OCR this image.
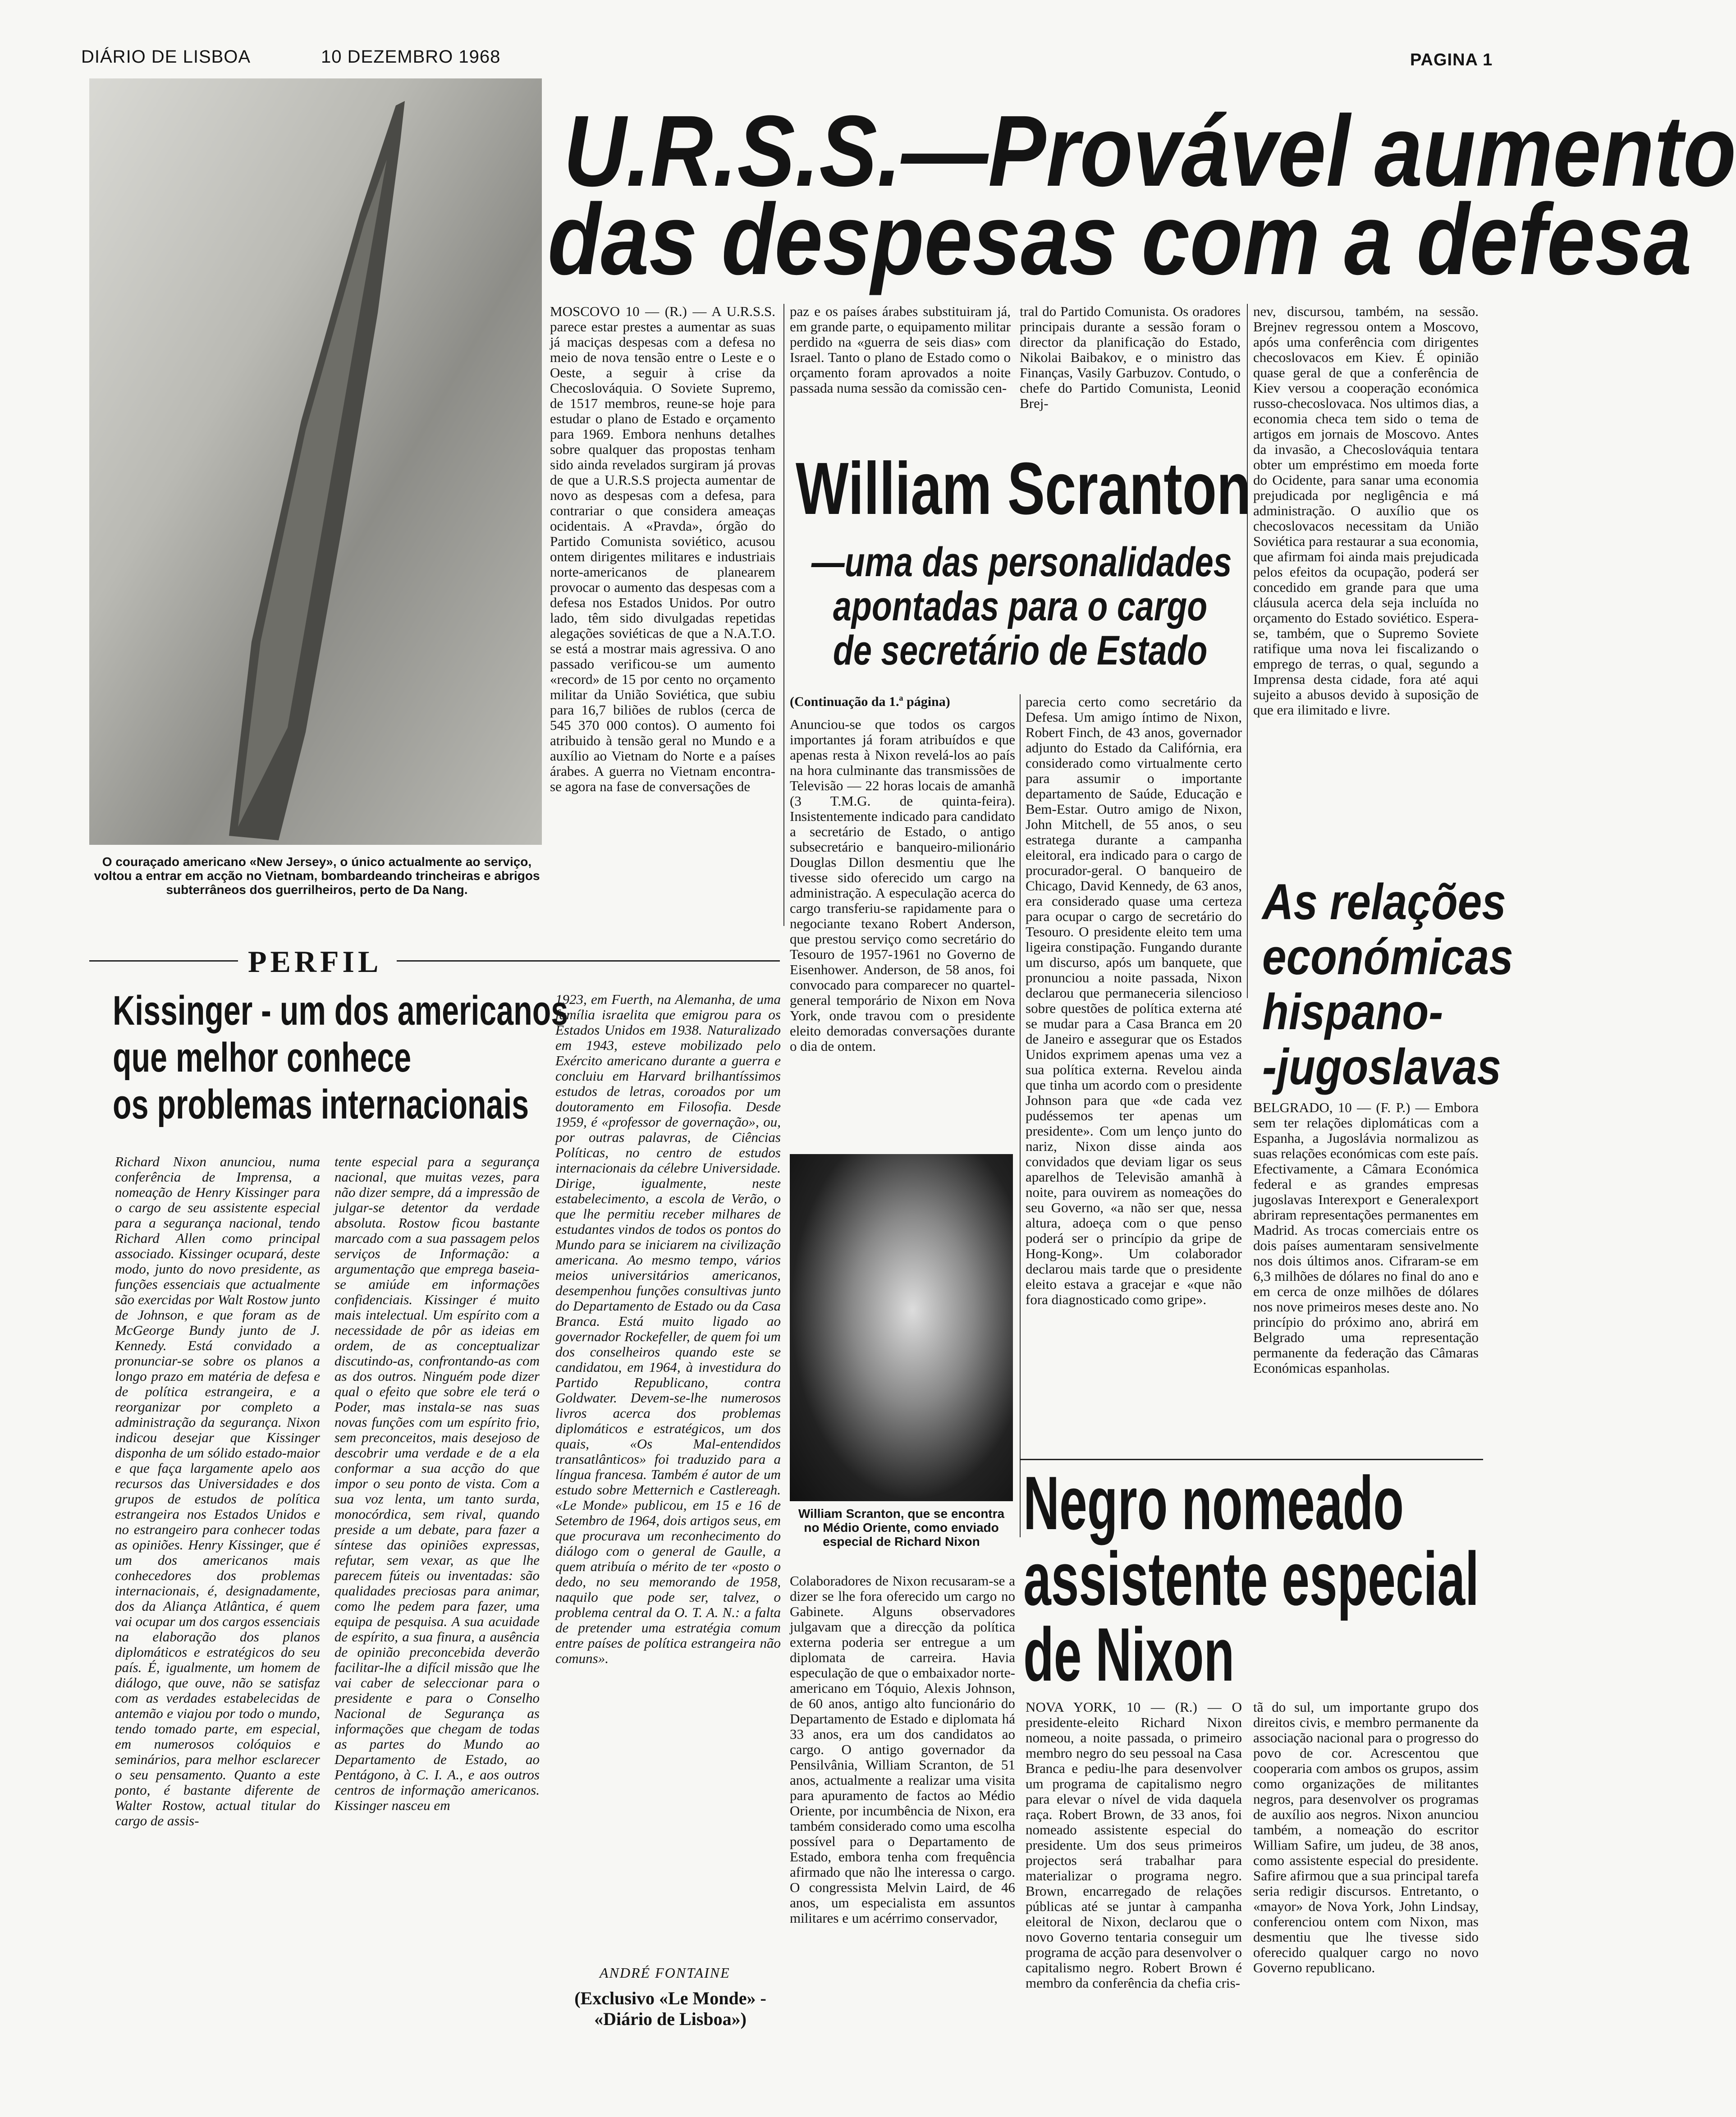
DIÁRIO DE LISBOA	10 DEZEMBRO 1968	PAGINA 1
O couraçado americano «New Jersey», o único actualmente ao serviço, voltou a entrar em acção no Vietnam, bombardeando trincheiras e abrigos subterrâneos dos guerrilheiros, perto de Da Nang.
U.R.S.S.—Provável aumento
das despesas com a defesa
MOSCOVO 10 — (R.) — A U.R.S.S. parece estar prestes a aumentar as suas já maciças despesas com a defesa no meio de nova tensão entre o Leste e o Oeste, a seguir à crise da Checoslováquia. O Soviete Supremo, de 1517 membros, reune-se hoje para estudar o plano de Estado e orçamento para 1969. Embora nenhuns detalhes sobre qualquer das propostas tenham sido ainda revelados surgiram já provas de que a U.R.S.S projecta aumentar de novo as despesas com a defesa, para contrariar o que considera ameaças ocidentais. A «Pravda», órgão do Partido Comunista soviético, acusou ontem dirigentes militares e industriais norte-americanos de planearem provocar o aumento das despesas com a defesa nos Estados Unidos. Por outro lado, têm sido divulgadas repetidas alegações soviéticas de que a N.A.T.O. se está a mostrar mais agressiva. O ano passado verificou-se um aumento «record» de 15 por cento no orçamento militar da União Soviética, que subiu para 16,7 biliões de rublos (cerca de 545 370 000 contos). O aumento foi atribuido à tensão geral no Mundo e a auxílio ao Vietnam do Norte e a países árabes. A guerra no Vietnam encontra-se agora na fase de conversações de
paz e os países árabes substituiram já, em grande parte, o equipamento militar perdido na «guerra de seis dias» com Israel. Tanto o plano de Estado como o orçamento foram aprovados a noite passada numa sessão da comissão cen-
tral do Partido Comunista. Os oradores principais durante a sessão foram o director da planificação do Estado, Nikolai Baibakov, e o ministro das Finanças, Vasily Garbuzov. Contudo, o chefe do Partido Comunista, Leonid Brej-
nev, discursou, também, na sessão. Brejnev regressou ontem a Moscovo, após uma conferência com dirigentes checoslovacos em Kiev. É opinião quase geral de que a conferência de Kiev versou a cooperação económica russo-checoslovaca. Nos ultimos dias, a economia checa tem sido o tema de artigos em jornais de Moscovo. Antes da invasão, a Checoslováquia tentara obter um empréstimo em moeda forte do Ocidente, para sanar uma economia prejudicada por negligência e má administração. O auxílio que os checoslovacos necessitam da União Soviética para restaurar a sua economia, que afirmam foi ainda mais prejudicada pelos efeitos da ocupação, poderá ser concedido em grande para que uma cláusula acerca dela seja incluída no orçamento do Estado soviético. Espera-se, também, que o Supremo Soviete ratifique uma nova lei fiscalizando o emprego de terras, o qual, segundo a Imprensa desta cidade, fora até aqui sujeito a abusos devido à suposição de que era ilimitado e livre.
William Scranton
—uma das personalidades
apontadas para o cargo
de secretário de Estado
(Continuação da 1.ª página)
Anunciou-se que todos os cargos importantes já foram atribuídos e que apenas resta à Nixon revelá-los ao país na hora culminante das transmissões de Televisão — 22 horas locais de amanhã (3 T.M.G. de quinta-feira). Insistentemente indicado para candidato a secretário de Estado, o antigo subsecretário e banqueiro-milionário Douglas Dillon desmentiu que lhe tivesse sido oferecido um cargo na administração. A especulação acerca do cargo transferiu-se rapidamente para o negociante texano Robert Anderson, que prestou serviço como secretário do Tesouro de 1957-1961 no Governo de Eisenhower. Anderson, de 58 anos, foi convocado para comparecer no quartel-general temporário de Nixon em Nova York, onde travou com o presidente eleito demoradas conversações durante o dia de ontem.
parecia certo como secretário da Defesa. Um amigo íntimo de Nixon, Robert Finch, de 43 anos, governador adjunto do Estado da Califórnia, era considerado como virtualmente certo para assumir o importante departamento de Saúde, Educação e Bem-Estar. Outro amigo de Nixon, John Mitchell, de 55 anos, o seu estratega durante a campanha eleitoral, era indicado para o cargo de procurador-geral. O banqueiro de Chicago, David Kennedy, de 63 anos, era considerado quase uma certeza para ocupar o cargo de secretário do Tesouro. O presidente eleito tem uma ligeira constipação. Fungando durante um discurso, após um banquete, que pronunciou a noite passada, Nixon declarou que permaneceria silencioso sobre questões de política externa até se mudar para a Casa Branca em 20 de Janeiro e assegurar que os Estados Unidos exprimem apenas uma vez a sua política externa. Revelou ainda que tinha um acordo com o presidente Johnson para que «de cada vez pudéssemos ter apenas um presidente». Com um lenço junto do nariz, Nixon disse ainda aos convidados que deviam ligar os seus aparelhos de Televisão amanhã à noite, para ouvirem as nomeações do seu Governo, «a não ser que, nessa altura, adoeça com o que penso poderá ser o princípio da gripe de Hong-Kong». Um colaborador declarou mais tarde que o presidente eleito estava a gracejar e «que não fora diagnosticado como gripe».
William Scranton, que se encontra no Médio Oriente, como enviado especial de Richard Nixon
Colaboradores de Nixon recusaram-se a dizer se lhe fora oferecido um cargo no Gabinete. Alguns observadores julgavam que a direcção da política externa poderia ser entregue a um diplomata de carreira. Havia especulação de que o embaixador norte-americano em Tóquio, Alexis Johnson, de 60 anos, antigo alto funcionário do Departamento de Estado e diplomata há 33 anos, era um dos candidatos ao cargo. O antigo governador da Pensilvânia, William Scranton, de 51 anos, actualmente a realizar uma visita para apuramento de factos ao Médio Oriente, por incumbência de Nixon, era também considerado como uma escolha possível para o Departamento de Estado, embora tenha com frequência afirmado que não lhe interessa o cargo. O congressista Melvin Laird, de 46 anos, um especialista em assuntos militares e um acérrimo conservador,
As relações
económicas
hispano-
-jugoslavas
BELGRADO, 10 — (F. P.) — Embora sem ter relações diplomáticas com a Espanha, a Jugoslávia normalizou as suas relações económicas com este país. Efectivamente, a Câmara Económica federal e as grandes empresas jugoslavas Interexport e Generalexport abriram representações permanentes em Madrid. As trocas comerciais entre os dois países aumentaram sensivelmente nos dois últimos anos. Cifraram-se em 6,3 milhões de dólares no final do ano e em cerca de onze milhões de dólares nos nove primeiros meses deste ano. No princípio do próximo ano, abrirá em Belgrado uma representação permanente da federação das Câmaras Económicas espanholas.
Negro nomeado
assistente especial
de Nixon
NOVA YORK, 10 — (R.) — O presidente-eleito Richard Nixon nomeou, a noite passada, o primeiro membro negro do seu pessoal na Casa Branca e pediu-lhe para desenvolver um programa de capitalismo negro para elevar o nível de vida daquela raça. Robert Brown, de 33 anos, foi nomeado assistente especial do presidente. Um dos seus primeiros projectos será trabalhar para materializar o programa negro. Brown, encarregado de relações públicas até se juntar à campanha eleitoral de Nixon, declarou que o novo Governo tentaria conseguir um programa de acção para desenvolver o capitalismo negro. Robert Brown é membro da conferência da chefia cris-
tã do sul, um importante grupo dos direitos civis, e membro permanente da associação nacional para o progresso do povo de cor. Acrescentou que cooperaria com ambos os grupos, assim como organizações de militantes negros, para desenvolver os programas de auxílio aos negros. Nixon anunciou também, a nomeação do escritor William Safire, um judeu, de 38 anos, como assistente especial do presidente. Safire afirmou que a sua principal tarefa seria redigir discursos. Entretanto, o «mayor» de Nova York, John Lindsay, conferenciou ontem com Nixon, mas desmentiu que lhe tivesse sido oferecido qualquer cargo no novo Governo republicano.
PERFIL
Kissinger - um dos americanos
que melhor conhece
os problemas internacionais
Richard Nixon anunciou, numa conferência de Imprensa, a nomeação de Henry Kissinger para o cargo de seu assistente especial para a segurança nacional, tendo Richard Allen como principal associado. Kissinger ocupará, deste modo, junto do novo presidente, as funções essenciais que actualmente são exercidas por Walt Rostow junto de Johnson, e que foram as de McGeorge Bundy junto de J. Kennedy. Está convidado a pronunciar-se sobre os planos a longo prazo em matéria de defesa e de política estrangeira, e a reorganizar por completo a administração da segurança. Nixon indicou desejar que Kissinger disponha de um sólido estado-maior e que faça largamente apelo aos recursos das Universidades e dos grupos de estudos de política estrangeira nos Estados Unidos e no estrangeiro para conhecer todas as opiniões. Henry Kissinger, que é um dos americanos mais conhecedores dos problemas internacionais, é, designadamente, dos da Aliança Atlântica, é quem vai ocupar um dos cargos essenciais na elaboração dos planos diplomáticos e estratégicos do seu país. É, igualmente, um homem de diálogo, que ouve, não se satisfaz com as verdades estabelecidas de antemão e viajou por todo o mundo, tendo tomado parte, em especial, em numerosos colóquios e seminários, para melhor esclarecer o seu pensamento. Quanto a este ponto, é bastante diferente de Walter Rostow, actual titular do cargo de assis-
tente especial para a segurança nacional, que muitas vezes, para não dizer sempre, dá a impressão de julgar-se detentor da verdade absoluta. Rostow ficou bastante marcado com a sua passagem pelos serviços de Informação: a argumentação que emprega baseia-se amiúde em informações confidenciais. Kissinger é muito mais intelectual. Um espírito com a necessidade de pôr as ideias em ordem, de as conceptualizar discutindo-as, confrontando-as com as dos outros. Ninguém pode dizer qual o efeito que sobre ele terá o Poder, mas instala-se nas suas novas funções com um espírito frio, sem preconceitos, mais desejoso de descobrir uma verdade e de a ela conformar a sua acção do que impor o seu ponto de vista. Com a sua voz lenta, um tanto surda, monocórdica, sem rival, quando preside a um debate, para fazer a síntese das opiniões expressas, refutar, sem vexar, as que lhe parecem fúteis ou inventadas: são qualidades preciosas para animar, como lhe pedem para fazer, uma equipa de pesquisa. A sua acuidade de espírito, a sua finura, a ausência de opinião preconcebida deverão facilitar-lhe a difícil missão que lhe vai caber de seleccionar para o presidente e para o Conselho Nacional de Segurança as informações que chegam de todas as partes do Mundo ao Departamento de Estado, ao Pentágono, à C. I. A., e aos outros centros de informação americanos. Kissinger nasceu em
1923, em Fuerth, na Alemanha, de uma família israelita que emigrou para os Estados Unidos em 1938. Naturalizado em 1943, esteve mobilizado pelo Exército americano durante a guerra e concluiu em Harvard brilhantíssimos estudos de letras, coroados por um doutoramento em Filosofia. Desde 1959, é «professor de governação», ou, por outras palavras, de Ciências Políticas, no centro de estudos internacionais da célebre Universidade. Dirige, igualmente, neste estabelecimento, a escola de Verão, o que lhe permitiu receber milhares de estudantes vindos de todos os pontos do Mundo para se iniciarem na civilização americana. Ao mesmo tempo, vários meios universitários americanos, desempenhou funções consultivas junto do Departamento de Estado ou da Casa Branca. Está muito ligado ao governador Rockefeller, de quem foi um dos conselheiros quando este se candidatou, em 1964, à investidura do Partido Republicano, contra Goldwater. Devem-se-lhe numerosos livros acerca dos problemas diplomáticos e estratégicos, um dos quais, «Os Mal-entendidos transatlânticos» foi traduzido para a língua francesa. Também é autor de um estudo sobre Metternich e Castlereagh. «Le Monde» publicou, em 15 e 16 de Setembro de 1964, dois artigos seus, em que procurava um reconhecimento do diálogo com o general de Gaulle, a quem atribuía o mérito de ter «posto o dedo, no seu memorando de 1958, naquilo que pode ser, talvez, o problema central da O. T. A. N.: a falta de pretender uma estratégia comum entre países de política estrangeira não comuns».
ANDRÉ FONTAINE
(Exclusivo «Le Monde» - «Diário de Lisboa»)
